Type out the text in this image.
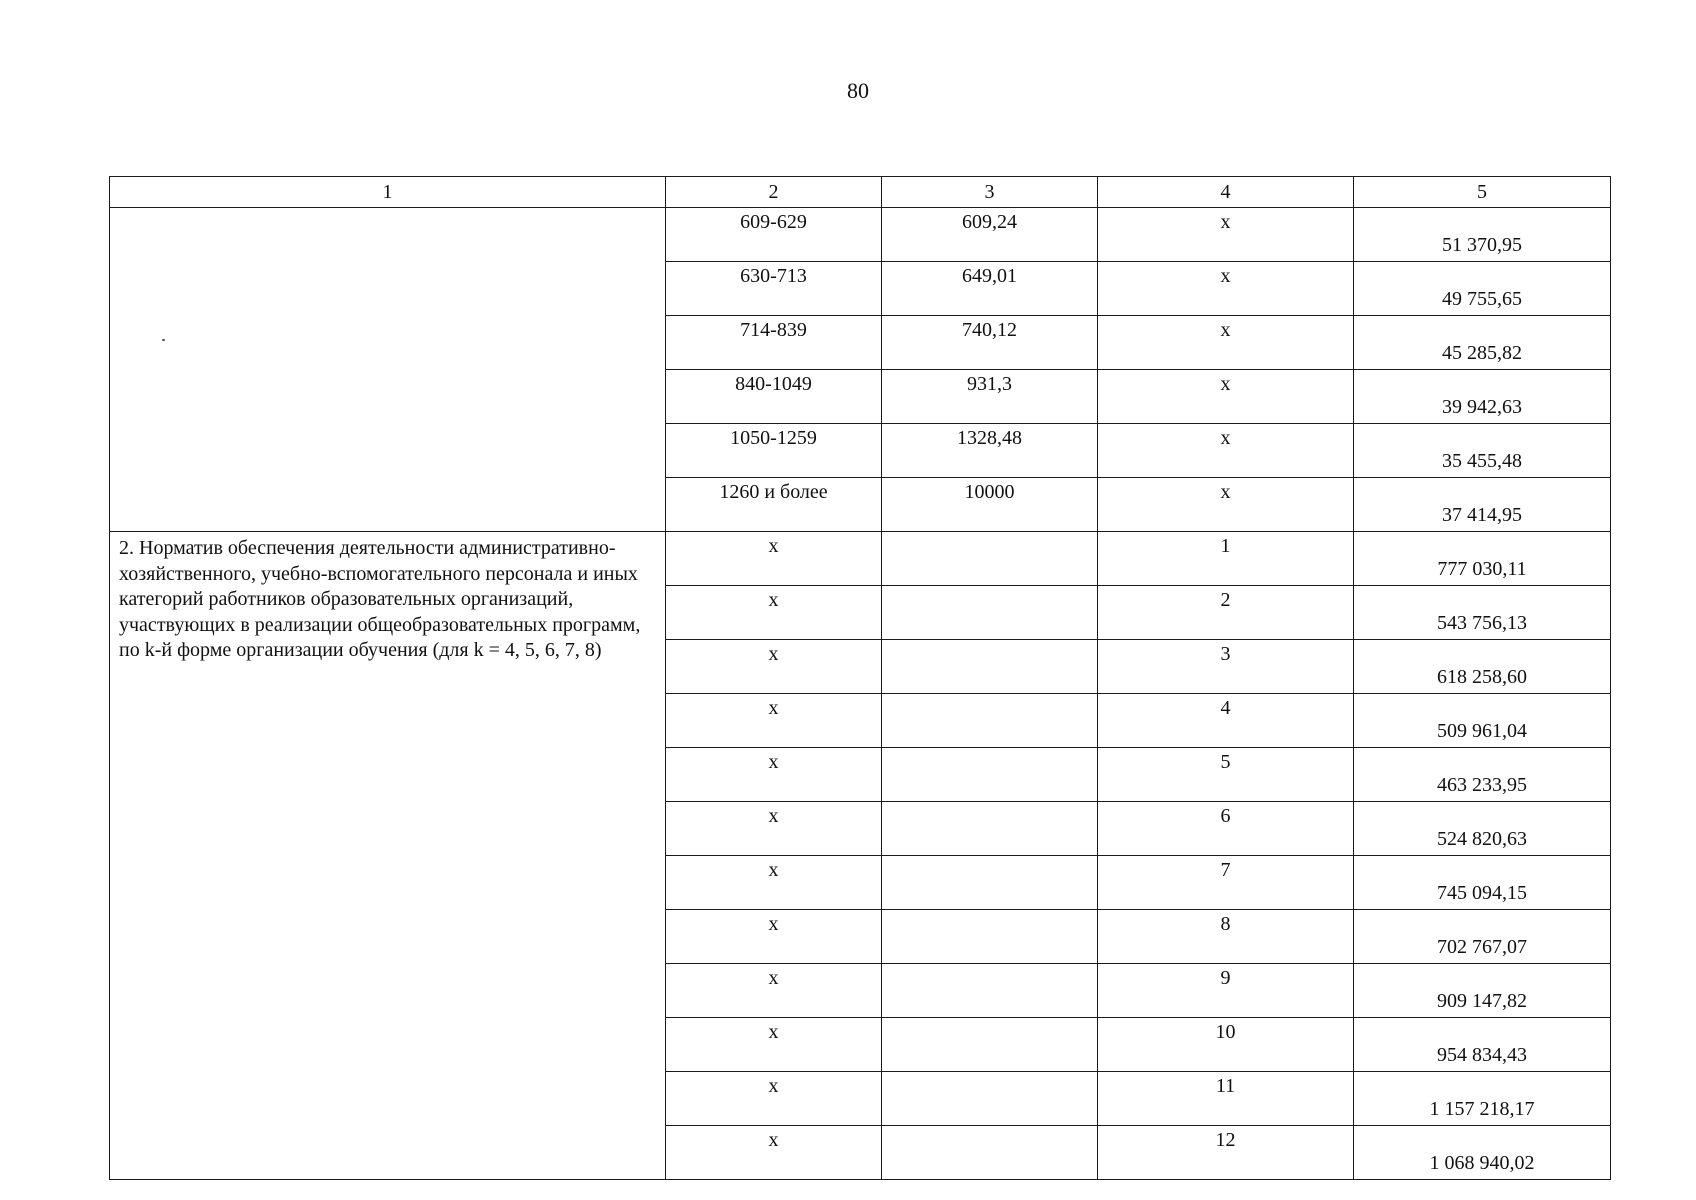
80
1	2	3	4	5
	609-629	609,24	x	51 370,95
	630-713	649,01	x	49 755,65
	714-839	740,12	x	45 285,82
	840-1049	931,3	x	39 942,63
	1050-1259	1328,48	x	35 455,48
	1260 и более	10000	x	37 414,95
2. Норматив обеспечения деятельности административно-хозяйственного, учебно-вспомогательного персонала и иных категорий работников образовательных организаций, участвующих в реализации общеобразовательных программ, по k-й форме организации обучения (для k = 4, 5, 6, 7, 8)	x		1	777 030,11
	x		2	543 756,13
	x		3	618 258,60
	x		4	509 961,04
	x		5	463 233,95
	x		6	524 820,63
	x		7	745 094,15
	x		8	702 767,07
	x		9	909 147,82
	x		10	954 834,43
	x		11	1 157 218,17
	x		12	1 068 940,02
